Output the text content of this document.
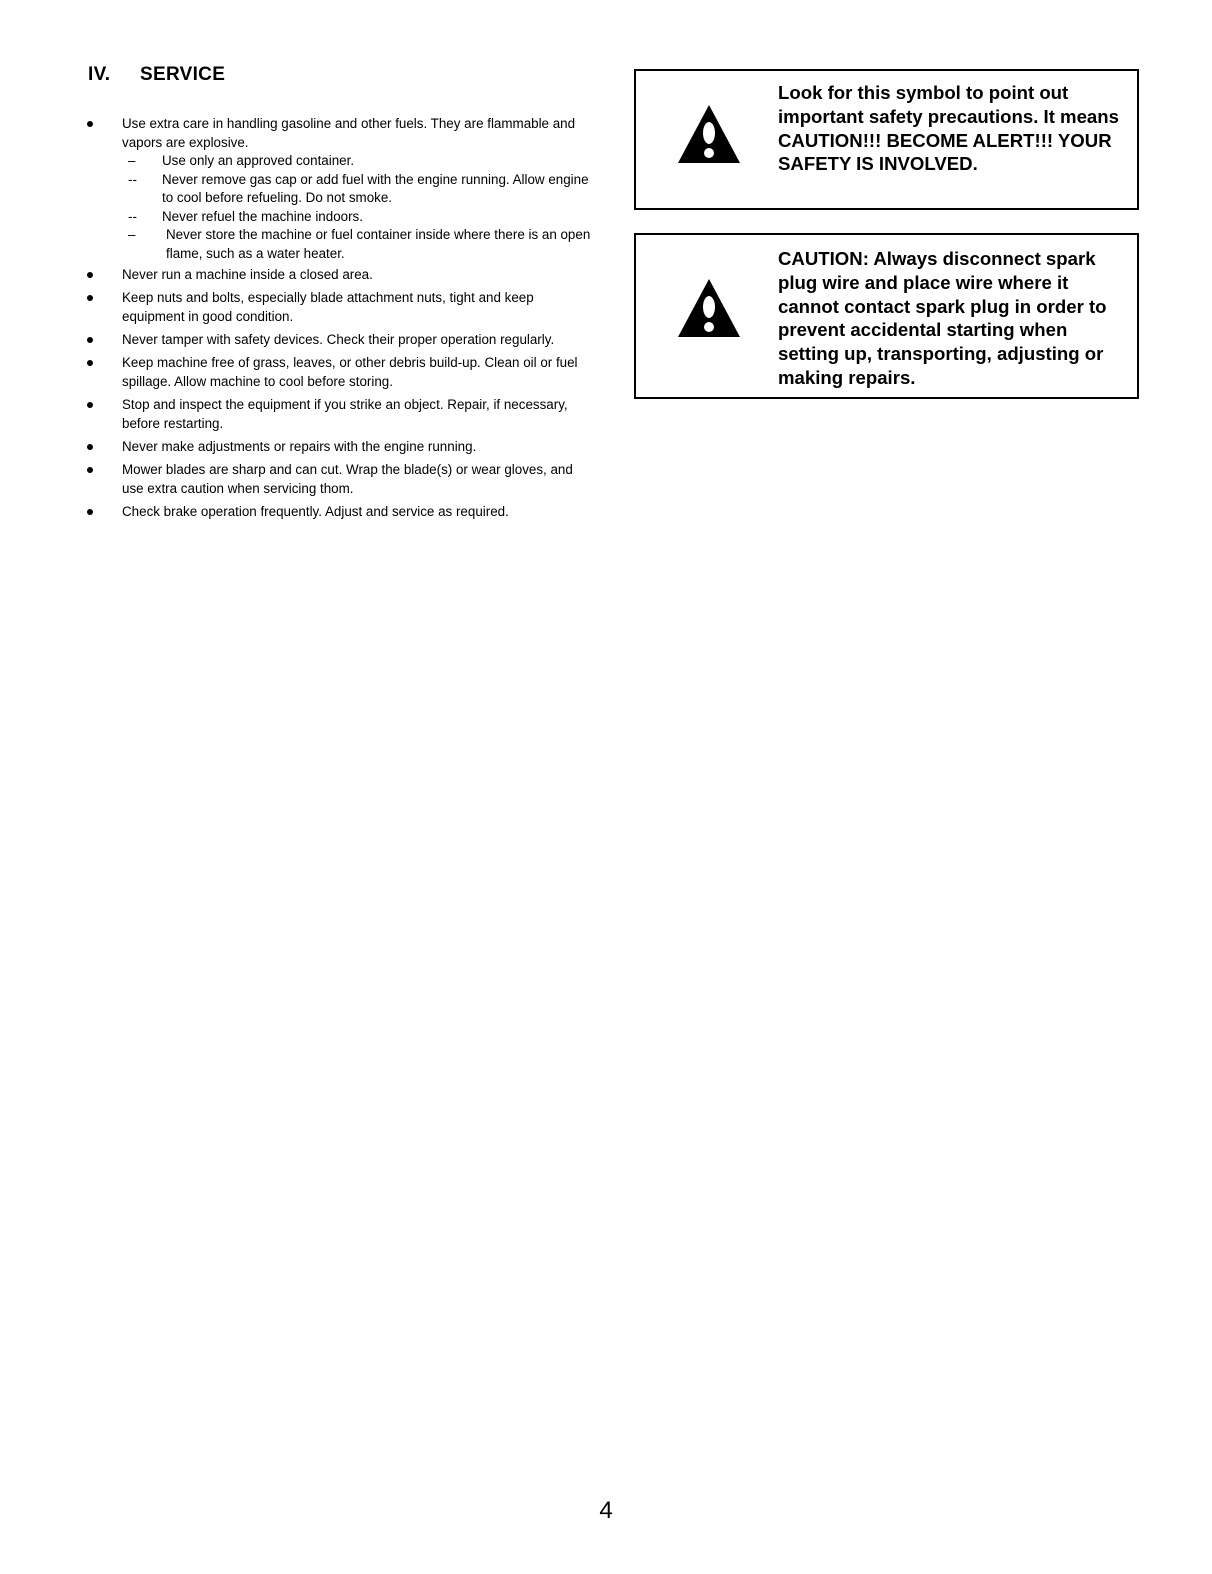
IV. SERVICE
Use extra care in handling gasoline and other fuels. They are flammable and vapors are explosive.
– Use only an approved container.
-- Never remove gas cap or add fuel with the engine running. Allow engine to cool before refueling. Do not smoke.
-- Never refuel the machine indoors.
– Never store the machine or fuel container inside where there is an open flame, such as a water heater.
Never run a machine inside a closed area.
Keep nuts and bolts, especially blade attachment nuts, tight and keep equipment in good condition.
Never tamper with safety devices. Check their proper operation regularly.
Keep machine free of grass, leaves, or other debris build-up. Clean oil or fuel spillage. Allow machine to cool before storing.
Stop and inspect the equipment if you strike an object. Repair, if necessary, before restarting.
Never make adjustments or repairs with the engine running.
Mower blades are sharp and can cut. Wrap the blade(s) or wear gloves, and use extra caution when servicing thom.
Check brake operation frequently. Adjust and service as required.
Look for this symbol to point out important safety precautions. It means CAUTION!!! BECOME ALERT!!! YOUR SAFETY IS INVOLVED.
CAUTION: Always disconnect spark plug wire and place wire where it cannot contact spark plug in order to prevent accidental starting when setting up, transporting, adjusting or making repairs.
4
